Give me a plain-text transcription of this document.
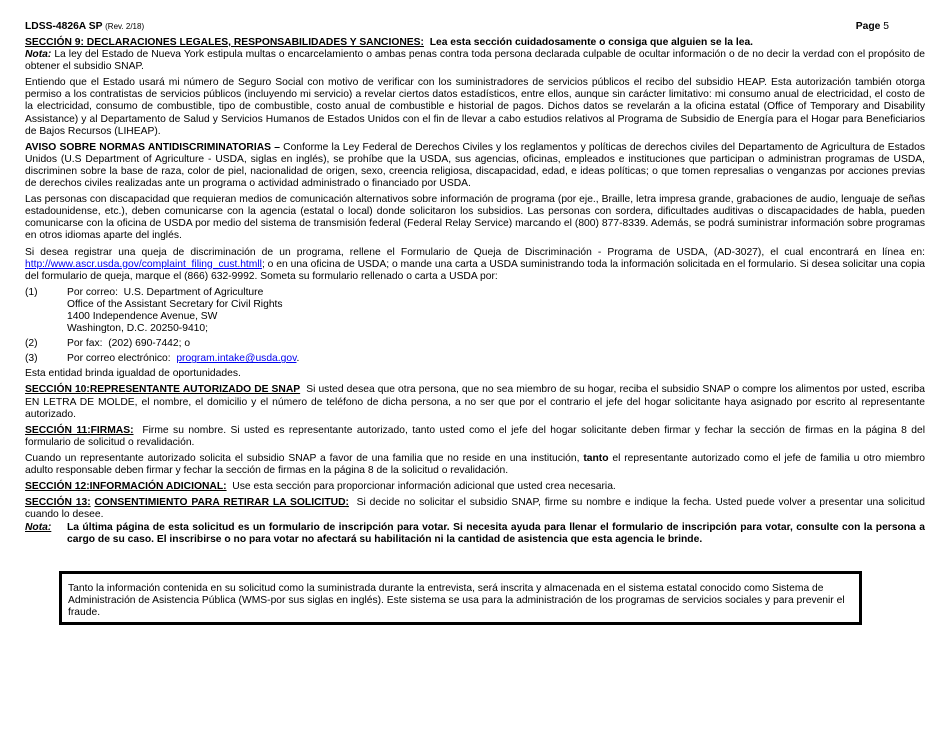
LDSS-4826A SP (Rev. 2/18)	Page 5

SECCIÓN 9: DECLARACIONES LEGALES, RESPONSABILIDADES Y SANCIONES: Lea esta sección cuidadosamente o consiga que alguien se la lea.

Nota: La ley del Estado de Nueva York estipula multas o encarcelamiento o ambas penas contra toda persona declarada culpable de ocultar información o de no decir la verdad con el propósito de obtener el subsidio SNAP.

Entiendo que el Estado usará mi número de Seguro Social con motivo de verificar con los suministradores de servicios públicos el recibo del subsidio HEAP. Esta autorización también otorga permiso a los contratistas de servicios públicos (incluyendo mi servicio) a revelar ciertos datos estadísticos, entre ellos, aunque sin carácter limitativo: mi consumo anual de electricidad, el costo de la electricidad, consumo de combustible, tipo de combustible, costo anual de combustible e historial de pagos. Dichos datos se revelarán a la oficina estatal (Office of Temporary and Disability Assistance) y al Departamento de Salud y Servicios Humanos de Estados Unidos con el fin de llevar a cabo estudios relativos al Programa de Subsidio de Energía para el Hogar para Beneficiarios de Bajos Recursos (LIHEAP).

AVISO SOBRE NORMAS ANTIDISCRIMINATORIAS – Conforme la Ley Federal de Derechos Civiles y los reglamentos y políticas de derechos civiles del Departamento de Agricultura de Estados Unidos (U.S Department of Agriculture - USDA, siglas en inglés), se prohíbe que la USDA, sus agencias, oficinas, empleados e instituciones que participan o administran programas de USDA, discriminen sobre la base de raza, color de piel, nacionalidad de origen, sexo, creencia religiosa, discapacidad, edad, e ideas políticas; o que tomen represalias o venganzas por acciones previas de derechos civiles realizadas ante un programa o actividad administrado o financiado por USDA.

Las personas con discapacidad que requieran medios de comunicación alternativos sobre información de programa (por eje., Braille, letra impresa grande, grabaciones de audio, lenguaje de señas estadounidense, etc.), deben comunicarse con la agencia (estatal o local) donde solicitaron los subsidios. Las personas con sordera, dificultades auditivas o discapacidades de habla, pueden comunicarse con la oficina de USDA por medio del sistema de transmisión federal (Federal Relay Service) marcando el (800) 877-8339. Además, se podrá suministrar información sobre programas en otros idiomas aparte del inglés.

Si desea registrar una queja de discriminación de un programa, rellene el Formulario de Queja de Discriminación - Programa de USDA, (AD-3027), el cual encontrará en línea en: http://www.ascr.usda.gov/complaint_filing_cust.htmll; o en una oficina de USDA; o mande una carta a USDA suministrando toda la información solicitada en el formulario. Si desea solicitar una copia del formulario de queja, marque el (866) 632-9992. Someta su formulario rellenado o carta a USDA por:

(1)	Por correo: U.S. Department of Agriculture
Office of the Assistant Secretary for Civil Rights
1400 Independence Avenue, SW
Washington, D.C. 20250-9410;
(2)	Por fax: (202) 690-7442; o
(3)	Por correo electrónico: program.intake@usda.gov.

Esta entidad brinda igualdad de oportunidades.

SECCIÓN 10:REPRESENTANTE AUTORIZADO DE SNAP Si usted desea que otra persona, que no sea miembro de su hogar, reciba el subsidio SNAP o compre los alimentos por usted, escriba EN LETRA DE MOLDE, el nombre, el domicilio y el número de teléfono de dicha persona, a no ser que por el contrario el jefe del hogar solicitante haya asignado por escrito al representante autorizado.

SECCIÓN 11:FIRMAS: Firme su nombre. Si usted es representante autorizado, tanto usted como el jefe del hogar solicitante deben firmar y fechar la sección de firmas en la página 8 del formulario de solicitud o revalidación.

Cuando un representante autorizado solicita el subsidio SNAP a favor de una familia que no reside en una institución, tanto el representante autorizado como el jefe de familia u otro miembro adulto responsable deben firmar y fechar la sección de firmas en la página 8 de la solicitud o revalidación.

SECCIÓN 12:INFORMACIÓN ADICIONAL: Use esta sección para proporcionar información adicional que usted crea necesaria.

SECCIÓN 13: CONSENTIMIENTO PARA RETIRAR LA SOLICITUD: Si decide no solicitar el subsidio SNAP, firme su nombre e indique la fecha. Usted puede volver a presentar una solicitud cuando lo desee.

Nota:	La última página de esta solicitud es un formulario de inscripción para votar. Si necesita ayuda para llenar el formulario de inscripción para votar, consulte con la persona a cargo de su caso. El inscribirse o no para votar no afectará su habilitación ni la cantidad de asistencia que esta agencia le brinde.
Tanto la información contenida en su solicitud como la suministrada durante la entrevista, será inscrita y almacenada en el sistema estatal conocido como Sistema de Administración de Asistencia Pública (WMS-por sus siglas en inglés). Este sistema se usa para la administración de los programas de servicios sociales y para prevenir el fraude.
